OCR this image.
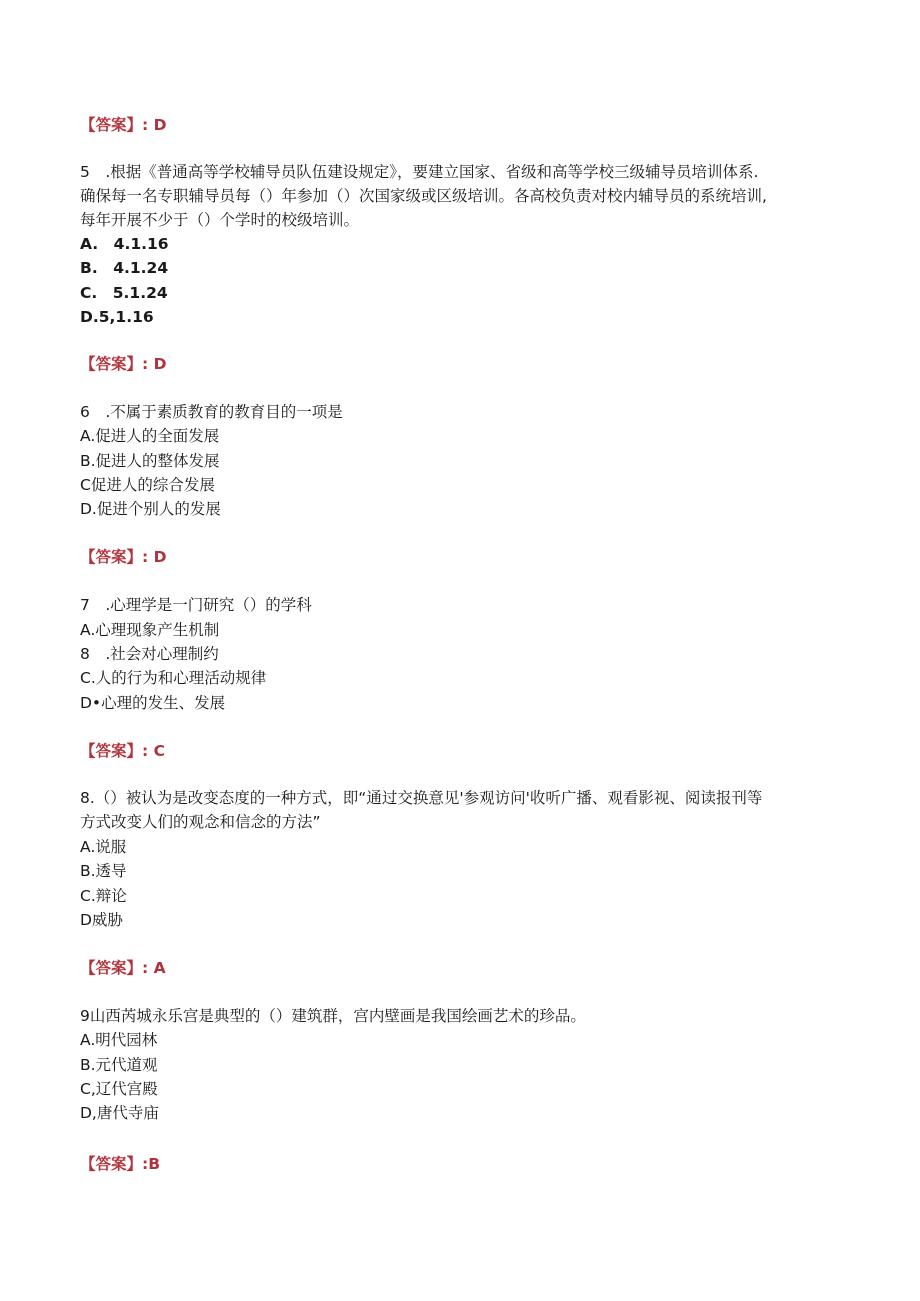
【答案】: D
5　.根据《普通高等学校辅导员队伍建设规定》，要建立国家、省级和高等学校三级辅导员培训体系.
确保每一名专职辅导员每（）年参加（）次国家级或区级培训。各高校负责对校内辅导员的系统培训,
每年开展不少于（）个学时的校级培训。
A.　4.1.16
B.　4.1.24
C.　5.1.24
D.5,1.16
【答案】: D
6　.不属于素质教育的教育目的一项是
A.促进人的全面发展
B.促进人的整体发展
C促进人的综合发展
D.促进个别人的发展
【答案】: D
7　.心理学是一门研究（）的学科
A.心理现象产生机制
8　.社会对心理制约
C.人的行为和心理活动规律
D•心理的发生、发展
【答案】: C
8.（）被认为是改变态度的一种方式，即“通过交换意见'参观访问'收听广播、观看影视、阅读报刊等
方式改变人们的观念和信念的方法”
A.说服
B.透导
C.辩论
D威胁
【答案】: A
9山西芮城永乐宫是典型的（）建筑群，宫内壁画是我国绘画艺术的珍品。
A.明代园林
B.元代道观
C,辽代宫殿
D,唐代寺庙
【答案】:B
